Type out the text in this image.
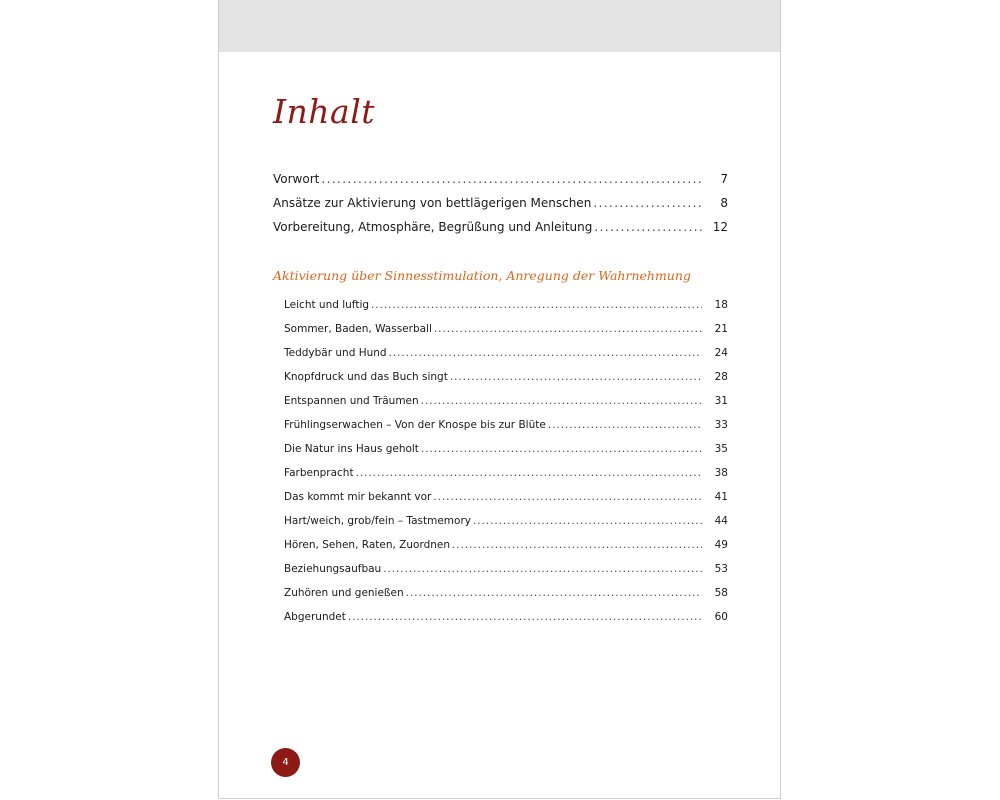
Inhalt
Vorwort . . .	7
Ansätze zur Aktivierung von bettlägerigen Menschen . . .	8
Vorbereitung, Atmosphäre, Begrüßung und Anleitung . . .	12
Aktivierung über Sinnesstimulation, Anregung der Wahrnehmung
Leicht und luftig . . .	18
Sommer, Baden, Wasserball . . .	21
Teddybär und Hund . . .	24
Knopfdruck und das Buch singt . . .	28
Entspannen und Träumen . . .	31
Frühlingserwachen – Von der Knospe bis zur Blüte . . .	33
Die Natur ins Haus geholt . . .	35
Farbenpracht . . .	38
Das kommt mir bekannt vor . . .	41
Hart/weich, grob/fein – Tastmemory . . .	44
Hören, Sehen, Raten, Zuordnen . . .	49
Beziehungsaufbau . . .	53
Zuhören und genießen . . .	58
Abgerundet . . .	60
4
